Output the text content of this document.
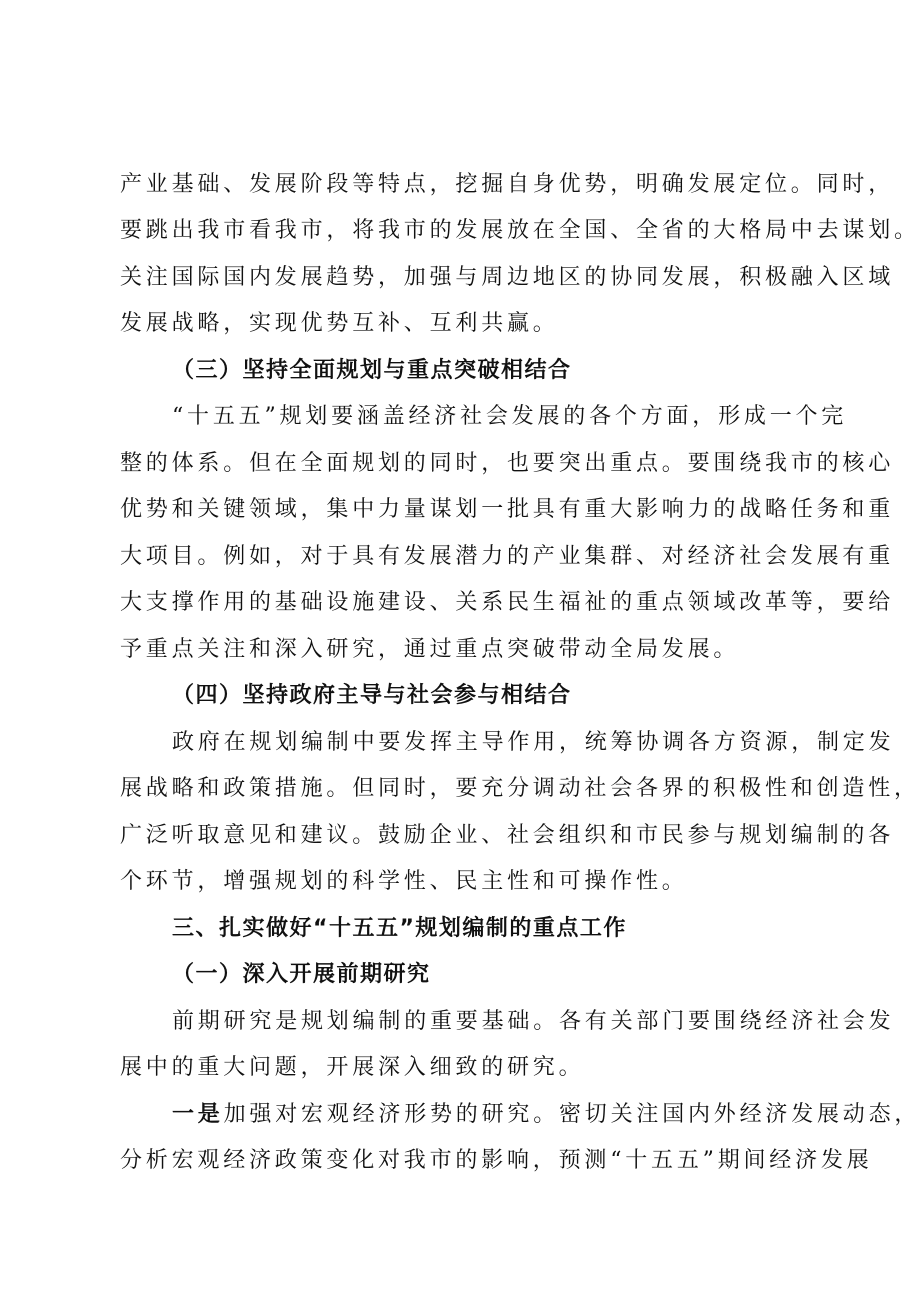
产业基础、发展阶段等特点，挖掘自身优势，明确发展定位。同时，
要跳出我市看我市，将我市的发展放在全国、全省的大格局中去谋划。
关注国际国内发展趋势，加强与周边地区的协同发展，积极融入区域
发展战略，实现优势互补、互利共赢。
（三）坚持全面规划与重点突破相结合
“十五五”规划要涵盖经济社会发展的各个方面，形成一个完
整的体系。但在全面规划的同时，也要突出重点。要围绕我市的核心
优势和关键领域，集中力量谋划一批具有重大影响力的战略任务和重
大项目。例如，对于具有发展潜力的产业集群、对经济社会发展有重
大支撑作用的基础设施建设、关系民生福祉的重点领域改革等，要给
予重点关注和深入研究，通过重点突破带动全局发展。
（四）坚持政府主导与社会参与相结合
政府在规划编制中要发挥主导作用，统筹协调各方资源，制定发
展战略和政策措施。但同时，要充分调动社会各界的积极性和创造性，
广泛听取意见和建议。鼓励企业、社会组织和市民参与规划编制的各
个环节，增强规划的科学性、民主性和可操作性。
三、扎实做好“十五五”规划编制的重点工作
（一）深入开展前期研究
前期研究是规划编制的重要基础。各有关部门要围绕经济社会发
展中的重大问题，开展深入细致的研究。
一是加强对宏观经济形势的研究。密切关注国内外经济发展动态，
分析宏观经济政策变化对我市的影响，预测“十五五”期间经济发展
